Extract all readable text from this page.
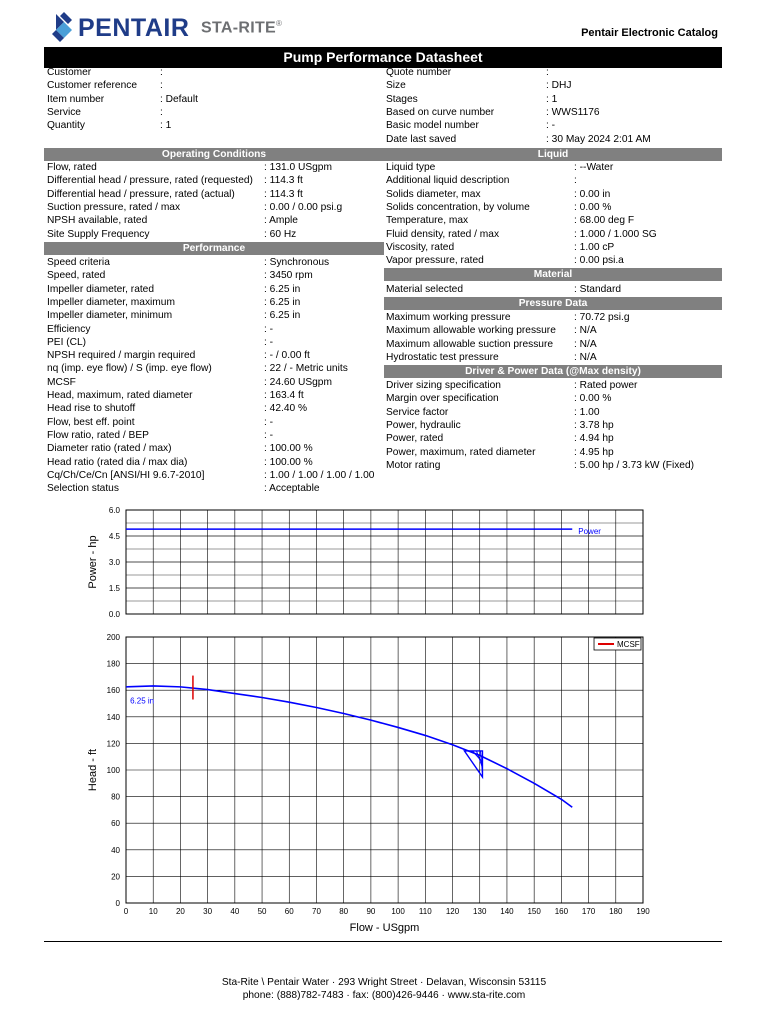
PENTAIR STA-RITE®
Pentair Electronic Catalog
Pump Performance Datasheet
Customer	:
Customer reference :
Item number	: Default
Service	:
Quantity	: 1
Quote number	:
Size	: DHJ
Stages	: 1
Based on curve number	: WWS1176
Basic model number	: -
Date last saved	: 30 May 2024 2:01 AM
Operating Conditions
Flow, rated	: 131.0 USgpm
Differential head / pressure, rated (requested) : 114.3 ft
Differential head / pressure, rated (actual)	: 114.3 ft
Suction pressure, rated / max	: 0.00 / 0.00 psi.g
NPSH available, rated	: Ample
Site Supply Frequency	: 60 Hz
Performance
Speed criteria	: Synchronous
Speed, rated	: 3450 rpm
Impeller diameter, rated	: 6.25 in
Impeller diameter, maximum	: 6.25 in
Impeller diameter, minimum	: 6.25 in
Efficiency	: -
PEI (CL)	: -
NPSH required / margin required	: - / 0.00 ft
nq (imp. eye flow) / S (imp. eye flow)	: 22 / - Metric units
MCSF	: 24.60 USgpm
Head, maximum, rated diameter	: 163.4 ft
Head rise to shutoff	: 42.40 %
Flow, best eff. point	: -
Flow ratio, rated / BEP	: -
Diameter ratio (rated / max)	: 100.00 %
Head ratio (rated dia / max dia)	: 100.00 %
Cq/Ch/Ce/Cn [ANSI/HI 9.6.7-2010]	: 1.00 / 1.00 / 1.00 / 1.00
Selection status	: Acceptable
Liquid
Liquid type	: --Water
Additional liquid description	:
Solids diameter, max	: 0.00 in
Solids concentration, by volume	: 0.00 %
Temperature, max	: 68.00 deg F
Fluid density, rated / max	: 1.000 / 1.000 SG
Viscosity, rated	: 1.00 cP
Vapor pressure, rated	: 0.00 psi.a
Material
Material selected	: Standard
Pressure Data
Maximum working pressure	: 70.72 psi.g
Maximum allowable working pressure : N/A
Maximum allowable suction pressure : N/A
Hydrostatic test pressure	: N/A
Driver & Power Data (@Max density)
Driver sizing specification	: Rated power
Margin over specification	: 0.00 %
Service factor	: 1.00
Power, hydraulic	: 3.78 hp
Power, rated	: 4.94 hp
Power, maximum, rated diameter	: 4.95 hp
Motor rating	: 5.00 hp / 3.73 kW (Fixed)
0.0
1.5
3.0
4.5
6.0
Power - hp
Power
0
20
40
60
80
100
120
140
160
180
200
0	10 20 30 40 50 60 70 80 90 100 110 120 130 140 150 160 170 180 190
Head - ft
Flow - USgpm
6.25 in
MCSF
Sta-Rite \ Pentair Water · 293 Wright Street · Delavan, Wisconsin 53115
phone: (888)782-7483 · fax: (800)426-9446 · www.sta-rite.com
